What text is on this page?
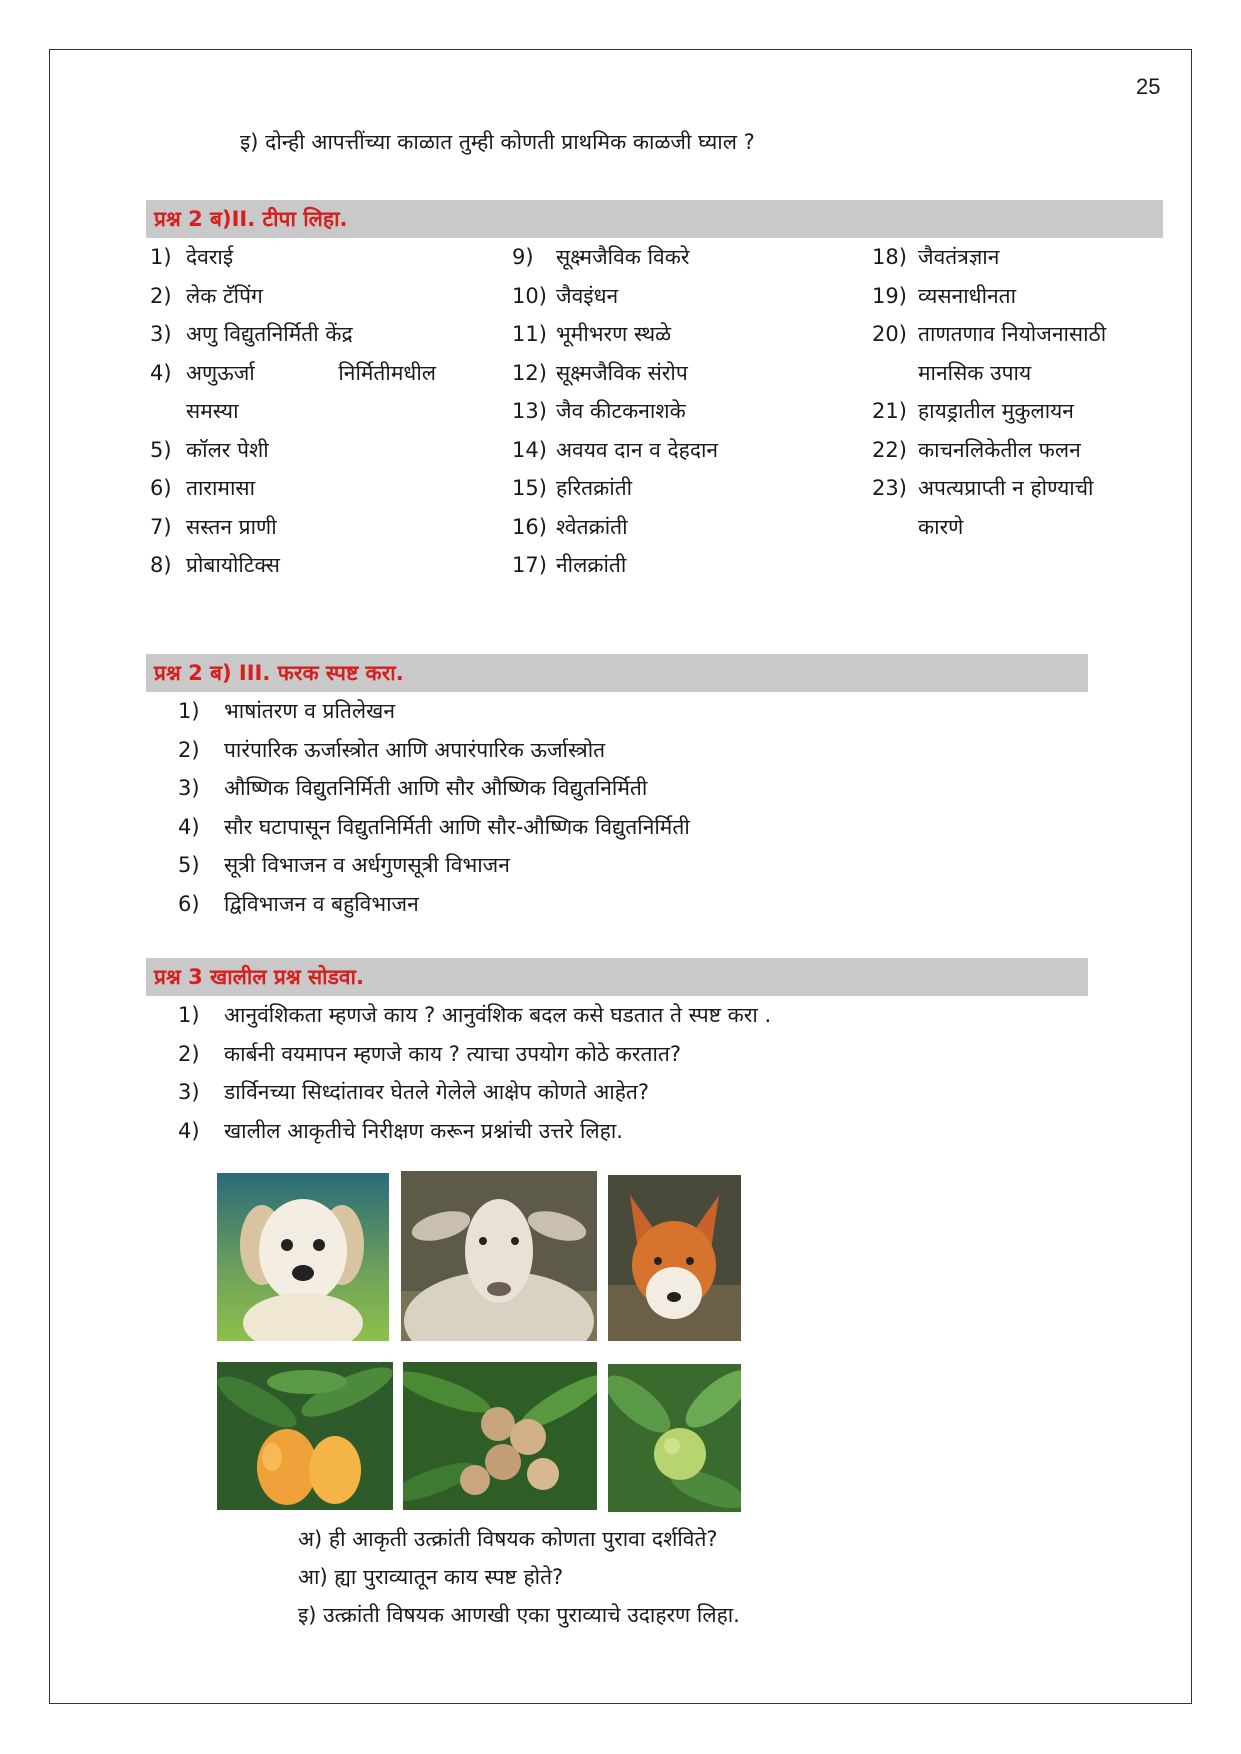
25
इ) दोन्ही आपत्तींच्या काळात तुम्ही कोणती प्राथमिक काळजी घ्याल ?
प्रश्न 2 ब)II. टीपा लिहा.
1) देवराई
2) लेक टॅपिंग
3) अणु विद्युतनिर्मिती केंद्र
4) अणुऊर्जा निर्मितीमधील
समस्या
5) कॉलर पेशी
6) तारामासा
7) सस्तन प्राणी
8) प्रोबायोटिक्स
9)	सूक्ष्मजैविक विकरे
10) जैवइंधन
11) भूमीभरण स्थळे
12) सूक्ष्मजैविक संरोप
13) जैव कीटकनाशके
14) अवयव दान व देहदान
15) हरितक्रांती
16) श्वेतक्रांती
17) नीलक्रांती
18) जैवतंत्रज्ञान
19) व्यसनाधीनता
20) ताणतणाव नियोजनासाठी
मानसिक उपाय
21) हायड्रातील मुकुलायन
22) काचनलिकेतील फलन
23) अपत्यप्राप्ती न होण्याची
कारणे
प्रश्न 2 ब) III. फरक स्पष्ट करा.
1)	भाषांतरण व प्रतिलेखन
2)	पारंपारिक ऊर्जास्त्रोत आणि अपारंपारिक ऊर्जास्त्रोत
3)	औष्णिक विद्युतनिर्मिती आणि सौर औष्णिक विद्युतनिर्मिती
4)	सौर घटापासून विद्युतनिर्मिती आणि सौर-औष्णिक विद्युतनिर्मिती
5)	सूत्री विभाजन व अर्धगुणसूत्री विभाजन
6)	द्विविभाजन व बहुविभाजन
प्रश्न 3 खालील प्रश्न सोडवा.
1)	आनुवंशिकता म्हणजे काय ? आनुवंशिक बदल कसे घडतात ते स्पष्ट करा .
2)	कार्बनी वयमापन म्हणजे काय ? त्याचा उपयोग कोठे करतात?
3)	डार्विनच्या सिध्दांतावर घेतले गेलेले आक्षेप कोणते आहेत?
4)	खालील आकृतीचे निरीक्षण करून प्रश्नांची उत्तरे लिहा.
अ) ही आकृती उत्क्रांती विषयक कोणता पुरावा दर्शविते?
आ) ह्या पुराव्यातून काय स्पष्ट होते?
इ) उत्क्रांती विषयक आणखी एका पुराव्याचे उदाहरण लिहा.
